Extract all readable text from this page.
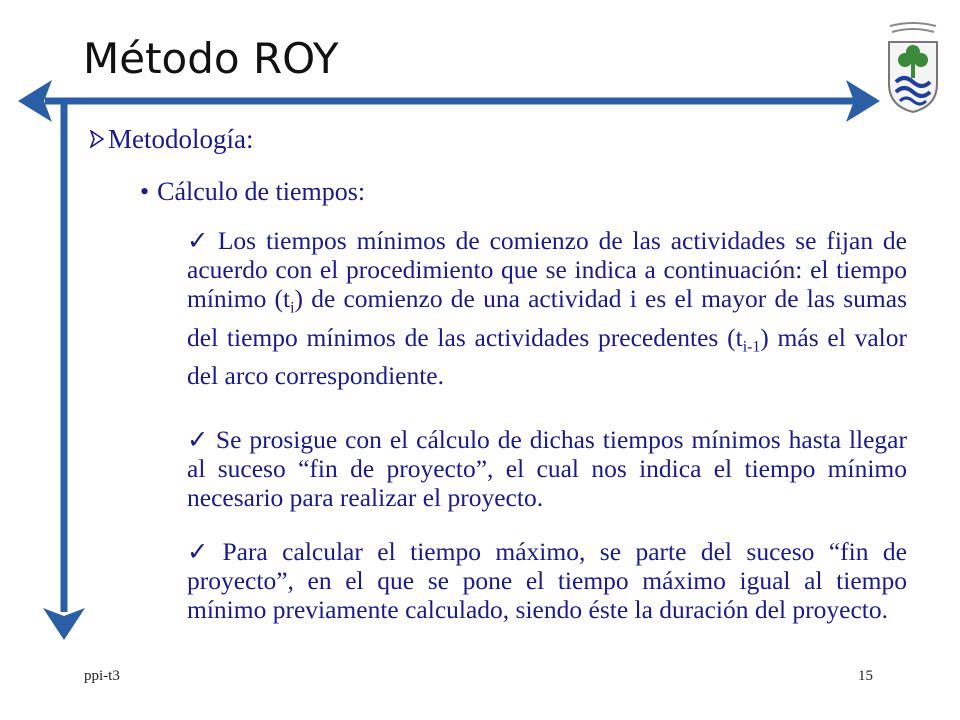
Método ROY
Metodología:
• Cálculo de tiempos:
✓ Los tiempos mínimos de comienzo de las actividades se fijan de acuerdo con el procedimiento que se indica a continuación: el tiempo mínimo $(t_i)$ de comienzo de una actividad i es el mayor de las sumas del tiempo mínimos de las actividades precedentes $(t_{i-1})$ más el valor del arco correspondiente.
✓ Se prosigue con el cálculo de dichas tiempos mínimos hasta llegar al suceso “fin de proyecto”, el cual nos indica el tiempo mínimo necesario para realizar el proyecto.
✓ Para calcular el tiempo máximo, se parte del suceso “fin de proyecto”, en el que se pone el tiempo máximo igual al tiempo mínimo previamente calculado, siendo éste la duración del proyecto.
ppi-t3	15
